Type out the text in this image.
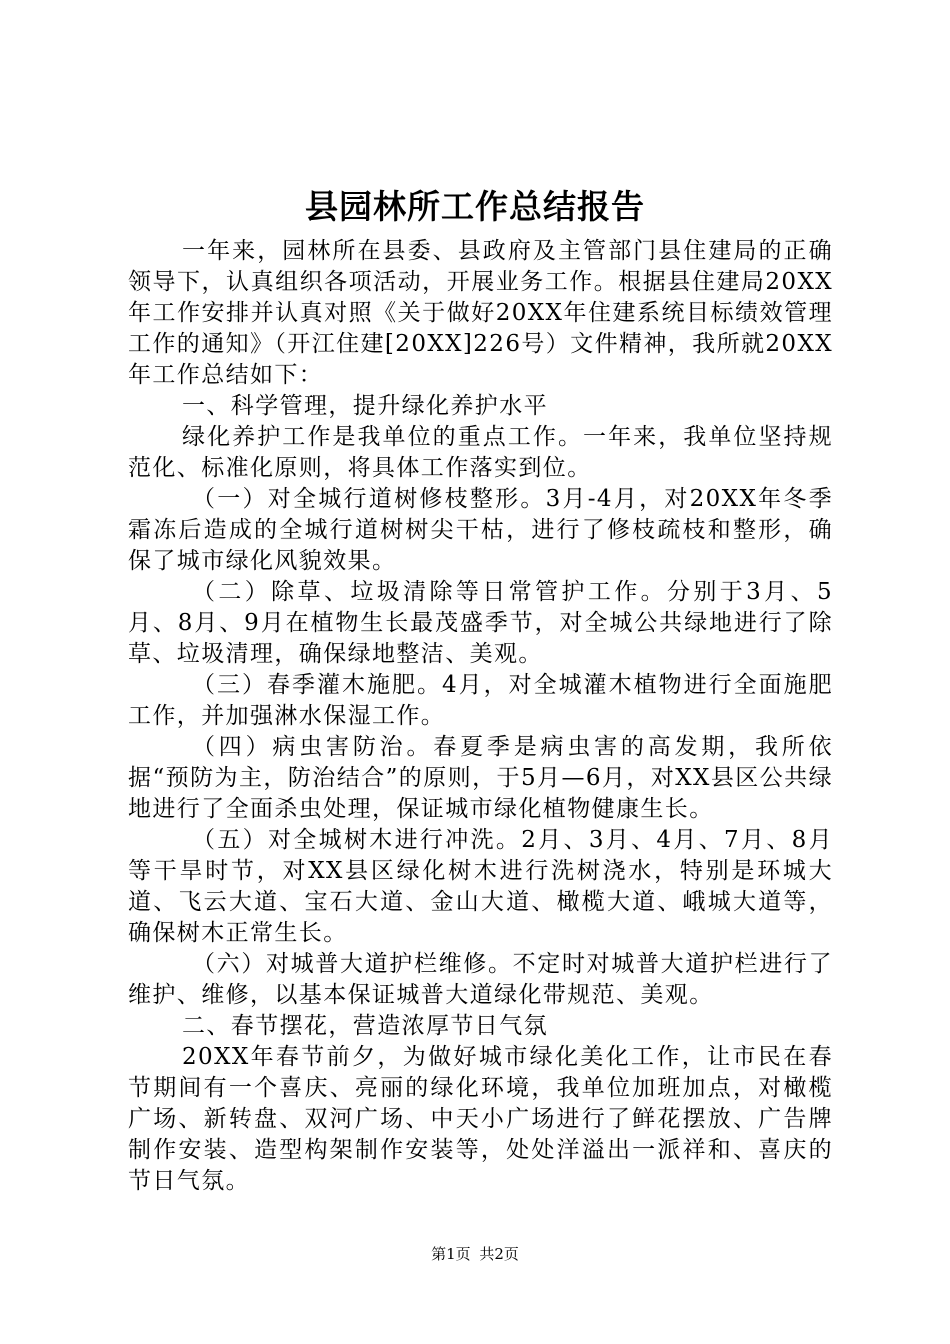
县园林所工作总结报告

一年来，园林所在县委、县政府及主管部门县住建局的正确领导下，认真组织各项活动，开展业务工作。根据县住建局20XX年工作安排并认真对照《关于做好20XX年住建系统目标绩效管理工作的通知》（开江住建[20XX]226号）文件精神，我所就20XX年工作总结如下：

一、科学管理，提升绿化养护水平

绿化养护工作是我单位的重点工作。一年来，我单位坚持规范化、标准化原则，将具体工作落实到位。

（一）对全城行道树修枝整形。3月-4月，对20XX年冬季霜冻后造成的全城行道树树尖干枯，进行了修枝疏枝和整形，确保了城市绿化风貌效果。

（二）除草、垃圾清除等日常管护工作。分别于3月、5月、8月、9月在植物生长最茂盛季节，对全城公共绿地进行了除草、垃圾清理，确保绿地整洁、美观。

（三）春季灌木施肥。4月，对全城灌木植物进行全面施肥工作，并加强淋水保湿工作。

（四）病虫害防治。春夏季是病虫害的高发期，我所依据“预防为主，防治结合”的原则，于5月—6月，对XX县区公共绿地进行了全面杀虫处理，保证城市绿化植物健康生长。

（五）对全城树木进行冲洗。2月、3月、4月、7月、8月等干旱时节，对XX县区绿化树木进行洗树浇水，特别是环城大道、飞云大道、宝石大道、金山大道、橄榄大道、峨城大道等，确保树木正常生长。

（六）对城普大道护栏维修。不定时对城普大道护栏进行了维护、维修，以基本保证城普大道绿化带规范、美观。

二、春节摆花，营造浓厚节日气氛

20XX年春节前夕，为做好城市绿化美化工作，让市民在春节期间有一个喜庆、亮丽的绿化环境，我单位加班加点，对橄榄广场、新转盘、双河广场、中天小广场进行了鲜花摆放、广告牌制作安装、造型构架制作安装等，处处洋溢出一派祥和、喜庆的节日气氛。

第1页 共2页
